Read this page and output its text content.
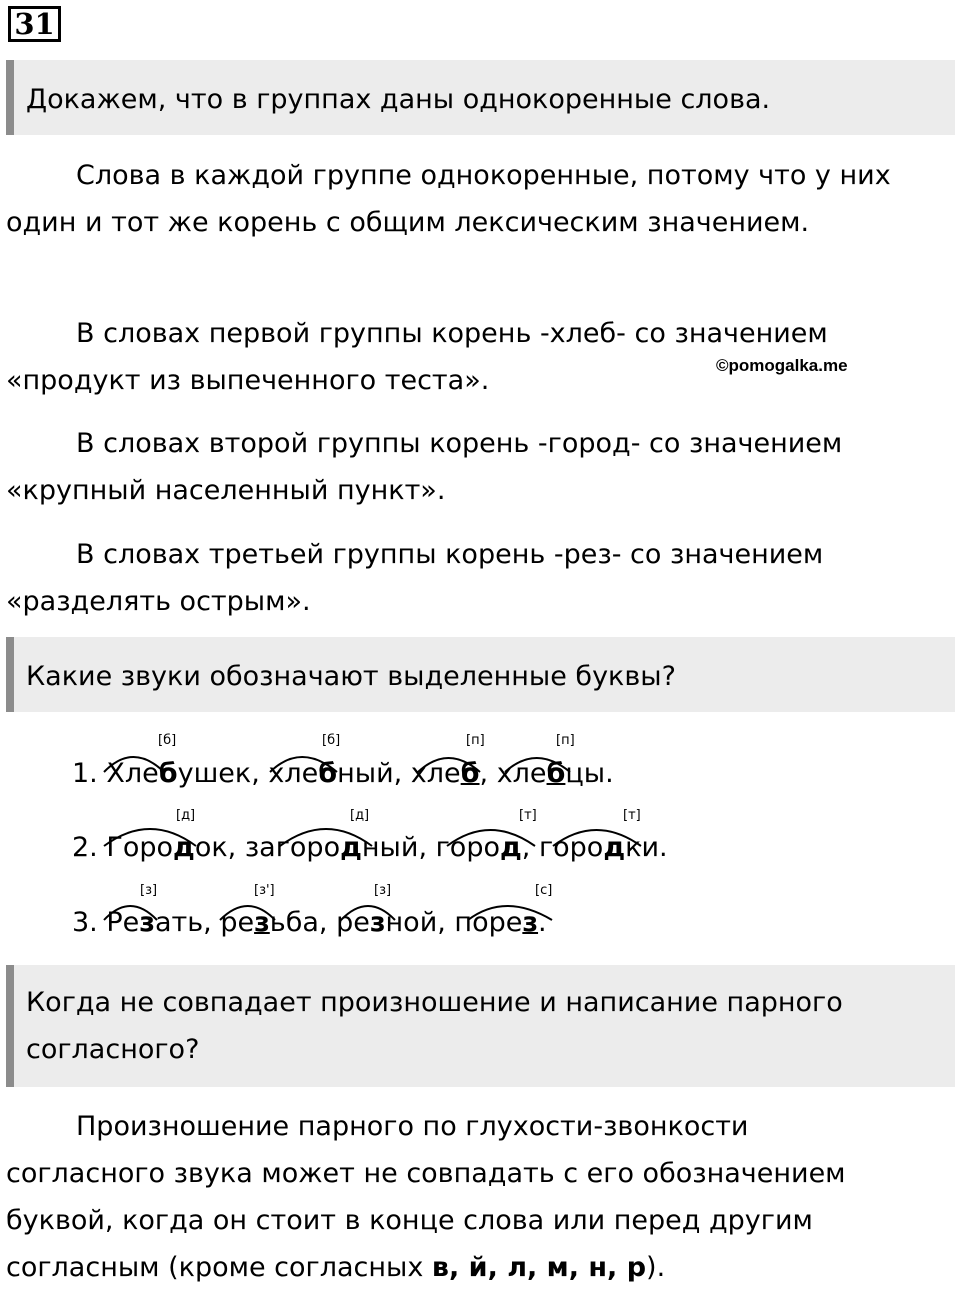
31
Докажем, что в группах даны однокоренные слова.

Слова в каждой группе однокоренные, потому что у них один и тот же корень с общим лексическим значением.

В словах первой группы корень -хлеб- со значением «продукт из выпеченного теста».	©pomogalka.me

В словах второй группы корень -город- со значением «крупный населенный пункт».

В словах третьей группы корень -рез- со значением «разделять острым».

Какие звуки обозначают выделенные буквы?
[б]	[б]	[п]	[п]
[д]	[д]	[т]	[т]
[з]	[з']	[з]	[с]
1. Хлебушек, хлебный, хлеб, хлебцы.
2. Городок, загородный, город, городки.
3. Резать, резьба, резной, порез.
Когда не совпадает произношение и написание парного согласного?

Произношение парного по глухости-звонкости согласного звука может не совпадать с его обозначением буквой, когда он стоит в конце слова или перед другим согласным (кроме согласных в, й, л, м, н, р).
